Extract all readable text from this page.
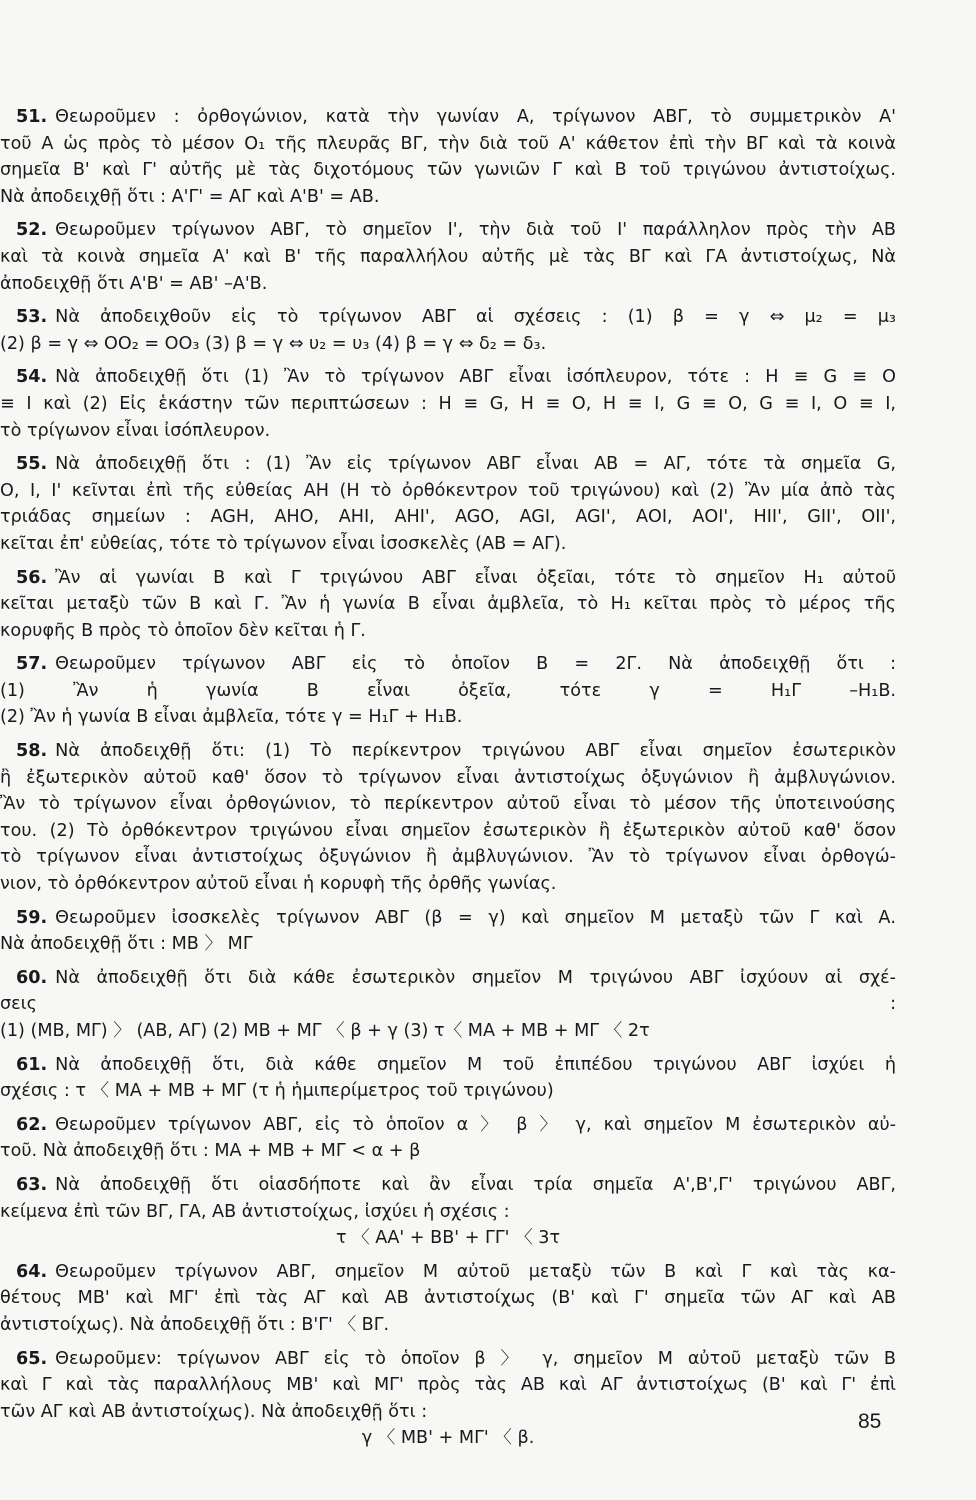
51. Θεωροῦμεν : ὀρθογώνιον, κατὰ τὴν γωνίαν Α, τρίγωνον ΑΒΓ, τὸ συμμετρικὸν Α'
τοῦ Α ὡς πρὸς τὸ μέσον O₁ τῆς πλευρᾶς ΒΓ, τὴν διὰ τοῦ Α' κάθετον ἐπὶ τὴν ΒΓ καὶ τὰ κοινὰ
σημεῖα Β' καὶ Γ' αὐτῆς μὲ τὰς διχοτόμους τῶν γωνιῶν Γ καὶ Β τοῦ τριγώνου ἀντιστοίχως.
Νὰ ἀποδειχθῇ ὅτι : Α'Γ' = ΑΓ καὶ Α'Β' = ΑΒ.
52. Θεωροῦμεν τρίγωνον ΑΒΓ, τὸ σημεῖον Ι', τὴν διὰ τοῦ Ι' παράλληλον πρὸς τὴν ΑΒ
καὶ τὰ κοινὰ σημεῖα Α' καὶ Β' τῆς παραλλήλου αὐτῆς μὲ τὰς ΒΓ καὶ ΓΑ ἀντιστοίχως, Νὰ
ἀποδειχθῇ ὅτι Α'Β' = ΑΒ' –Α'Β.
53. Νὰ ἀποδειχθοῦν εἰς τὸ τρίγωνον ΑΒΓ αἱ σχέσεις : (1) β = γ ⇔ μ₂ = μ₃
(2) β = γ ⇔ ΟΟ₂ = ΟΟ₃ (3) β = γ ⇔ υ₂ = υ₃ (4) β = γ ⇔ δ₂ = δ₃.
54. Νὰ ἀποδειχθῇ ὅτι (1) Ἂν τὸ τρίγωνον ΑΒΓ εἶναι ἰσόπλευρον, τότε : Η ≡ G ≡ Ο
≡ Ι καὶ (2) Εἰς ἑκάστην τῶν περιπτώσεων : Η ≡ G, Η ≡ Ο, Η ≡ Ι, G ≡ Ο, G ≡ Ι, Ο ≡ Ι,
τὸ τρίγωνον εἶναι ἰσόπλευρον.
55. Νὰ ἀποδειχθῇ ὅτι : (1) Ἂν εἰς τρίγωνον ΑΒΓ εἶναι ΑΒ = ΑΓ, τότε τὰ σημεῖα G,
Ο, Ι, Ι' κεῖνται ἐπὶ τῆς εὐθείας ΑΗ (Η τὸ ὀρθόκεντρον τοῦ τριγώνου) καὶ (2) Ἂν μία ἀπὸ τὰς
τριάδας σημείων : AGH, ΑΗΟ, ΑΗΙ, ΑΗΙ', AGO, AGI, AGI', ΑΟΙ, ΑΟΙ', ΗΙΙ', GII', ΟΙΙ',
κεῖται ἐπ' εὐθείας, τότε τὸ τρίγωνον εἶναι ἰσοσκελὲς (ΑΒ = ΑΓ).
56. Ἂν αἱ γωνίαι Β καὶ Γ τριγώνου ΑΒΓ εἶναι ὀξεῖαι, τότε τὸ σημεῖον Η₁ αὐτοῦ
κεῖται μεταξὺ τῶν Β καὶ Γ. Ἂν ἡ γωνία Β εἶναι ἀμβλεῖα, τὸ Η₁ κεῖται πρὸς τὸ μέρος τῆς
κορυφῆς Β πρὸς τὸ ὁποῖον δὲν κεῖται ἡ Γ.
57. Θεωροῦμεν τρίγωνον ΑΒΓ εἰς τὸ ὁποῖον Β = 2Γ. Νὰ ἀποδειχθῇ ὅτι :
(1) Ἂν ἡ γωνία Β εἶναι ὀξεῖα, τότε γ = Η₁Γ –Η₁Β.
(2) Ἂν ἡ γωνία Β εἶναι ἀμβλεῖα, τότε γ = Η₁Γ + Η₁Β.
58. Νὰ ἀποδειχθῇ ὅτι: (1) Τὸ περίκεντρον τριγώνου ΑΒΓ εἶναι σημεῖον ἐσωτερικὸν
ἢ ἐξωτερικὸν αὐτοῦ καθ' ὅσον τὸ τρίγωνον εἶναι ἀντιστοίχως ὀξυγώνιον ἢ ἀμβλυγώνιον.
Ἂν τὸ τρίγωνον εἶναι ὀρθογώνιον, τὸ περίκεντρον αὐτοῦ εἶναι τὸ μέσον τῆς ὑποτεινούσης
του. (2) Τὸ ὀρθόκεντρον τριγώνου εἶναι σημεῖον ἐσωτερικὸν ἢ ἐξωτερικὸν αὐτοῦ καθ' ὅσον
τὸ τρίγωνον εἶναι ἀντιστοίχως ὀξυγώνιον ἢ ἀμβλυγώνιον. Ἂν τὸ τρίγωνον εἶναι ὀρθογώ-
νιον, τὸ ὀρθόκεντρον αὐτοῦ εἶναι ἡ κορυφὴ τῆς ὀρθῆς γωνίας.
59. Θεωροῦμεν ἰσοσκελὲς τρίγωνον ΑΒΓ (β = γ) καὶ σημεῖον Μ μεταξὺ τῶν Γ καὶ Α.
Νὰ ἀποδειχθῇ ὅτι : ΜΒ 〉 ΜΓ
60. Νὰ ἀποδειχθῇ ὅτι διὰ κάθε ἐσωτερικὸν σημεῖον Μ τριγώνου ΑΒΓ ἰσχύουν αἱ σχέ-
σεις :
(1) (ΜΒ, ΜΓ) 〉 (ΑΒ, ΑΓ) (2) ΜΒ + ΜΓ 〈 β + γ (3) τ〈 ΜΑ + ΜΒ + ΜΓ 〈 2τ
61. Νὰ ἀποδειχθῇ ὅτι, διὰ κάθε σημεῖον Μ τοῦ ἐπιπέδου τριγώνου ΑΒΓ ἰσχύει ἡ
σχέσις : τ 〈 ΜΑ + ΜΒ + ΜΓ (τ ἡ ἡμιπερίμετρος τοῦ τριγώνου)
62. Θεωροῦμεν τρίγωνον ΑΒΓ, εἰς τὸ ὁποῖον α 〉 β 〉 γ, καὶ σημεῖον Μ ἐσωτερικὸν αὐ-
τοῦ. Νὰ ἀποδειχθῇ ὅτι : ΜΑ + ΜΒ + ΜΓ < α + β
63. Νὰ ἀποδειχθῇ ὅτι οἱασδήποτε καὶ ἂν εἶναι τρία σημεῖα Α',Β',Γ' τριγώνου ΑΒΓ,
κείμενα ἐπὶ τῶν ΒΓ, ΓΑ, ΑΒ ἀντιστοίχως, ἰσχύει ἡ σχέσις :
τ 〈 ΑΑ' + ΒΒ' + ΓΓ' 〈 3τ
64. Θεωροῦμεν τρίγωνον ΑΒΓ, σημεῖον Μ αὐτοῦ μεταξὺ τῶν Β καὶ Γ καὶ τὰς κα-
θέτους ΜΒ' καὶ ΜΓ' ἐπὶ τὰς ΑΓ καὶ ΑΒ ἀντιστοίχως (Β' καὶ Γ' σημεῖα τῶν ΑΓ καὶ ΑΒ
ἀντιστοίχως). Νὰ ἀποδειχθῇ ὅτι : Β'Γ' 〈 ΒΓ.
65. Θεωροῦμεν: τρίγωνον ΑΒΓ εἰς τὸ ὁποῖον β 〉 γ, σημεῖον Μ αὐτοῦ μεταξὺ τῶν Β
καὶ Γ καὶ τὰς παραλλήλους ΜΒ' καὶ ΜΓ' πρὸς τὰς ΑΒ καὶ ΑΓ ἀντιστοίχως (Β' καὶ Γ' ἐπὶ
τῶν ΑΓ καὶ ΑΒ ἀντιστοίχως). Νὰ ἀποδειχθῇ ὅτι :
γ 〈 ΜΒ' + ΜΓ' 〈 β.
85
